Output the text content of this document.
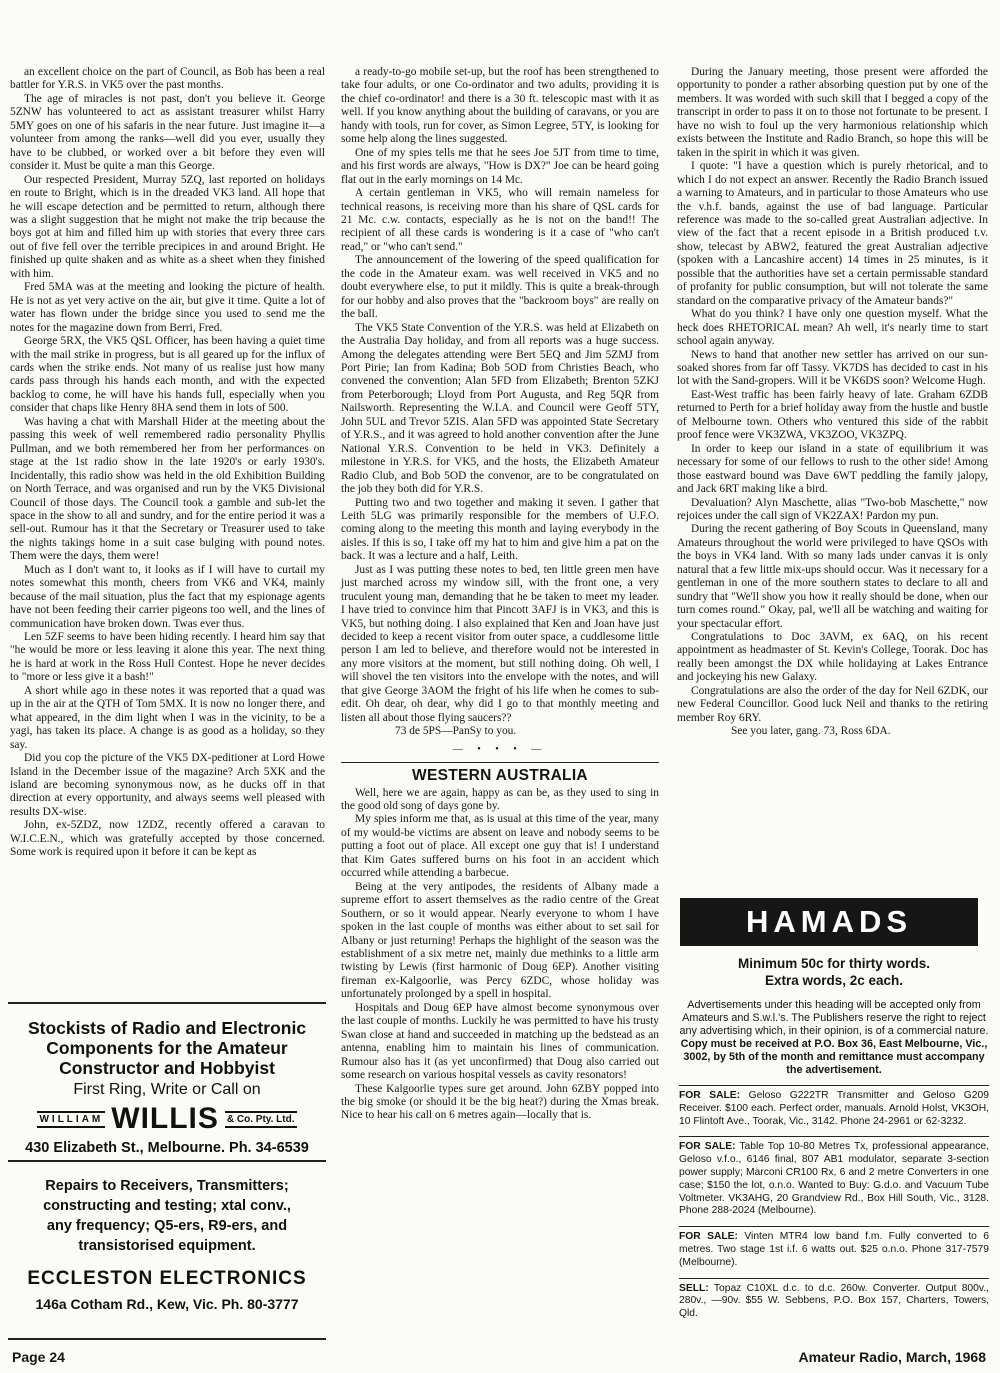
an excellent choice on the part of Council, as Bob has been a real battler for Y.R.S. in VK5 over the past months.

The age of miracles is not past, don't you believe it. George 5ZNW has volunteered to act as assistant treasurer whilst Harry 5MY goes on one of his safaris in the near future. Just imagine it—a volunteer from among the ranks—well did you ever, usually they have to be clubbed, or worked over a bit before they even will consider it. Must be quite a man this George.

Our respected President, Murray 5ZQ, last reported on holidays en route to Bright, which is in the dreaded VK3 land. All hope that he will escape detection and be permitted to return, although there was a slight suggestion that he might not make the trip because the boys got at him and filled him up with stories that every three cars out of five fell over the terrible precipices in and around Bright. He finished up quite shaken and as white as a sheet when they finished with him.

Fred 5MA was at the meeting and looking the picture of health. He is not as yet very active on the air, but give it time. Quite a lot of water has flown under the bridge since you used to send me the notes for the magazine down from Berri, Fred.

George 5RX, the VK5 QSL Officer, has been having a quiet time with the mail strike in progress, but is all geared up for the influx of cards when the strike ends. Not many of us realise just how many cards pass through his hands each month, and with the expected backlog to come, he will have his hands full, especially when you consider that chaps like Henry 8HA send them in lots of 500.

Was having a chat with Marshall Hider at the meeting about the passing this week of well remembered radio personality Phyllis Pullman, and we both remembered her from her performances on stage at the 1st radio show in the late 1920's or early 1930's. Incidentally, this radio show was held in the old Exhibition Building on North Terrace, and was organised and run by the VK5 Divisional Council of those days. The Council took a gamble and sub-let the space in the show to all and sundry, and for the entire period it was a sell-out. Rumour has it that the Secretary or Treasurer used to take the nights takings home in a suit case bulging with pound notes. Them were the days, them were!

Much as I don't want to, it looks as if I will have to curtail my notes somewhat this month, cheers from VK6 and VK4, mainly because of the mail situation, plus the fact that my espionage agents have not been feeding their carrier pigeons too well, and the lines of communication have broken down. Twas ever thus.

Len 5ZF seems to have been hiding recently. I heard him say that "he would be more or less leaving it alone this year. The next thing he is hard at work in the Ross Hull Contest. Hope he never decides to "more or less give it a bash!"

A short while ago in these notes it was reported that a quad was up in the air at the QTH of Tom 5MX. It is now no longer there, and what appeared, in the dim light when I was in the vicinity, to be a yagi, has taken its place. A change is as good as a holiday, so they say.

Did you cop the picture of the VK5 DX-peditioner at Lord Howe Island in the December issue of the magazine? Arch 5XK and the island are becoming synonymous now, as he ducks off in that direction at every opportunity, and always seems well pleased with results DX-wise.

John, ex-5ZDZ, now 1ZDZ, recently offered a caravan to W.I.C.E.N., which was gratefully accepted by those concerned. Some work is required upon it before it can be kept as

a ready-to-go mobile set-up, but the roof has been strengthened to take four adults, or one Co-ordinator and two adults, providing it is the chief co-ordinator! and there is a 30 ft. telescopic mast with it as well. If you know anything about the building of caravans, or you are handy with tools, run for cover, as Simon Legree, 5TY, is looking for some help along the lines suggested.

One of my spies tells me that he sees Joe 5JT from time to time, and his first words are always, "How is DX?" Joe can be heard going flat out in the early mornings on 14 Mc.

A certain gentleman in VK5, who will remain nameless for technical reasons, is receiving more than his share of QSL cards for 21 Mc. c.w. contacts, especially as he is not on the band!! The recipient of all these cards is wondering is it a case of "who can't read," or "who can't send."

The announcement of the lowering of the speed qualification for the code in the Amateur exam. was well received in VK5 and no doubt everywhere else, to put it mildly. This is quite a break-through for our hobby and also proves that the "backroom boys" are really on the ball.

The VK5 State Convention of the Y.R.S. was held at Elizabeth on the Australia Day holiday, and from all reports was a huge success. Among the delegates attending were Bert 5EQ and Jim 5ZMJ from Port Pirie; Ian from Kadina; Bob 5OD from Christies Beach, who convened the convention; Alan 5FD from Elizabeth; Brenton 5ZKJ from Peterborough; Lloyd from Port Augusta, and Reg 5QR from Nailsworth. Representing the W.I.A. and Council were Geoff 5TY, John 5UL and Trevor 5ZIS. Alan 5FD was appointed State Secretary of Y.R.S., and it was agreed to hold another convention after the June National Y.R.S. Convention to be held in VK3. Definitely a milestone in Y.R.S. for VK5, and the hosts, the Elizabeth Amateur Radio Club, and Bob 5OD the convenor, are to be congratulated on the job they both did for Y.R.S.

Putting two and two together and making it seven. I gather that Leith 5LG was primarily responsible for the members of U.F.O. coming along to the meeting this month and laying everybody in the aisles. If this is so, I take off my hat to him and give him a pat on the back. It was a lecture and a half, Leith.

Just as I was putting these notes to bed, ten little green men have just marched across my window sill, with the front one, a very truculent young man, demanding that he be taken to meet my leader. I have tried to convince him that Pincott 3AFJ is in VK3, and this is VK5, but nothing doing. I also explained that Ken and Joan have just decided to keep a recent visitor from outer space, a cuddlesome little person I am led to believe, and therefore would not be interested in any more visitors at the moment, but still nothing doing. Oh well, I will shovel the ten visitors into the envelope with the notes, and will that give George 3AOM the fright of his life when he comes to sub-edit. Oh dear, oh dear, why did I go to that monthly meeting and listen all about those flying saucers??

73 de 5PS—PanSy to you.

— • • • —
WESTERN AUSTRALIA

Well, here we are again, happy as can be, as they used to sing in the good old song of days gone by.

My spies inform me that, as is usual at this time of the year, many of my would-be victims are absent on leave and nobody seems to be putting a foot out of place. All except one guy that is! I understand that Kim Gates suffered burns on his foot in an accident which occurred while attending a barbecue.

Being at the very antipodes, the residents of Albany made a supreme effort to assert themselves as the radio centre of the Great Southern, or so it would appear. Nearly everyone to whom I have spoken in the last couple of months was either about to set sail for Albany or just returning! Perhaps the highlight of the season was the establishment of a six metre net, mainly due methinks to a little arm twisting by Lewis (first harmonic of Doug 6EP). Another visiting fireman ex-Kalgoorlie, was Percy 6ZDC, whose holiday was unfortunately prolonged by a spell in hospital.

Hospitals and Doug 6EP have almost become synonymous over the last couple of months. Luckily he was permitted to have his trusty Swan close at hand and succeeded in matching up the bedstead as an antenna, enabling him to maintain his lines of communication. Rumour also has it (as yet unconfirmed) that Doug also carried out some research on various hospital vessels as cavity resonators!

These Kalgoorlie types sure get around. John 6ZBY popped into the big smoke (or should it be the big heat?) during the Xmas break. Nice to hear his call on 6 metres again—locally that is.

During the January meeting, those present were afforded the opportunity to ponder a rather absorbing question put by one of the members. It was worded with such skill that I begged a copy of the transcript in order to pass it on to those not fortunate to be present. I have no wish to foul up the very harmonious relationship which exists between the Institute and Radio Branch, so hope this will be taken in the spirit in which it was given.

I quote: "I have a question which is purely rhetorical, and to which I do not expect an answer. Recently the Radio Branch issued a warning to Amateurs, and in particular to those Amateurs who use the v.h.f. bands, against the use of bad language. Particular reference was made to the so-called great Australian adjective. In view of the fact that a recent episode in a British produced t.v. show, telecast by ABW2, featured the great Australian adjective (spoken with a Lancashire accent) 14 times in 25 minutes, is it possible that the authorities have set a certain permissable standard of profanity for public consumption, but will not tolerate the same standard on the comparative privacy of the Amateur bands?"

What do you think? I have only one question myself. What the heck does RHETORICAL mean? Ah well, it's nearly time to start school again anyway.

News to hand that another new settler has arrived on our sun-soaked shores from far off Tassy. VK7DS has decided to cast in his lot with the Sand-gropers. Will it be VK6DS soon? Welcome Hugh.

East-West traffic has been fairly heavy of late. Graham 6ZDB returned to Perth for a brief holiday away from the hustle and bustle of Melbourne town. Others who ventured this side of the rabbit proof fence were VK3ZWA, VK3ZOO, VK3ZPQ.

In order to keep our island in a state of equilibrium it was necessary for some of our fellows to rush to the other side! Among those eastward bound was Dave 6WT peddling the family jalopy, and Jack 6RT making like a bird.

Devaluation? Alyn Maschette, alias "Two-bob Maschette," now rejoices under the call sign of VK2ZAX! Pardon my pun.

During the recent gathering of Boy Scouts in Queensland, many Amateurs throughout the world were privileged to have QSOs with the boys in VK4 land. With so many lads under canvas it is only natural that a few little mix-ups should occur. Was it necessary for a gentleman in one of the more southern states to declare to all and sundry that "We'll show you how it really should be done, when our turn comes round." Okay, pal, we'll all be watching and waiting for your spectacular effort.

Congratulations to Doc 3AVM, ex 6AQ, on his recent appointment as headmaster of St. Kevin's College, Toorak. Doc has really been amongst the DX while holidaying at Lakes Entrance and jockeying his new Galaxy.

Congratulations are also the order of the day for Neil 6ZDK, our new Federal Councillor. Good luck Neil and thanks to the retiring member Roy 6RY.

See you later, gang. 73, Ross 6DA.

Stockists of Radio and Electronic
Components for the Amateur
Constructor and Hobbyist
First Ring, Write or Call on
WILLIAM WILLIS & Co. Pty. Ltd.
430 Elizabeth St., Melbourne. Ph. 34-6539
Repairs to Receivers, Transmitters;
constructing and testing; xtal conv.,
any frequency; Q5-ers, R9-ers, and
transistorised equipment.
ECCLESTON ELECTRONICS
146a Cotham Rd., Kew, Vic. Ph. 80-3777
HAMADS
Minimum 50c for thirty words.
Extra words, 2c each.
Advertisements under this heading will be accepted only from Amateurs and S.w.l.'s. The Publishers reserve the right to reject any advertising which, in their opinion, is of a commercial nature. Copy must be received at P.O. Box 36, East Melbourne, Vic., 3002, by 5th of the month and remittance must accompany the advertisement.
FOR SALE: Geloso G222TR Transmitter and Geloso G209 Receiver. $100 each. Perfect order, manuals. Arnold Holst, VK3OH, 10 Flintoft Ave., Toorak, Vic., 3142. Phone 24-2961 or 62-3232.
FOR SALE: Table Top 10-80 Metres Tx, professional appearance, Geloso v.f.o., 6146 final, 807 AB1 modulator, separate 3-section power supply; Marconi CR100 Rx, 6 and 2 metre Converters in one case; $150 the lot, o.n.o. Wanted to Buy: G.d.o. and Vacuum Tube Voltmeter. VK3AHG, 20 Grandview Rd., Box Hill South, Vic., 3128. Phone 288-2024 (Melbourne).
FOR SALE: Vinten MTR4 low band f.m. Fully converted to 6 metres. Two stage 1st i.f. 6 watts out. $25 o.n.o. Phone 317-7579 (Melbourne).
SELL: Topaz C10XL d.c. to d.c. 260w. Converter. Output 800v., 280v., —90v. $55 W. Sebbens, P.O. Box 157, Charters, Towers, Qld.
Page 24	Amateur Radio, March, 1968
